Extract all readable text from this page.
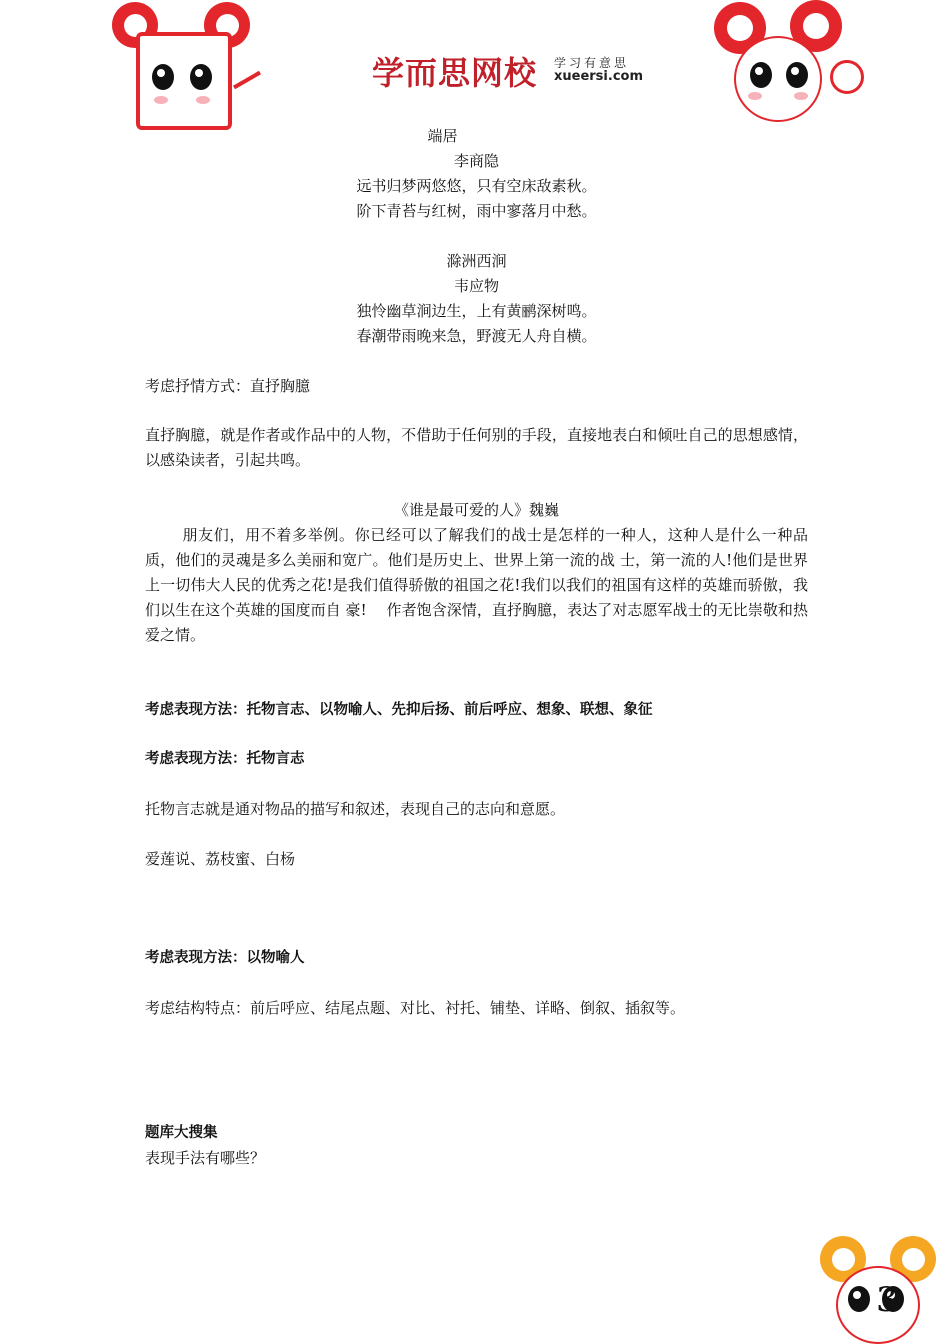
学而思网校 学习有意思
xueersi.com
端居
李商隐
远书归梦两悠悠，只有空床敌素秋。
阶下青苔与红树，雨中寥落月中愁。
滁洲西涧
韦应物
独怜幽草涧边生，上有黄鹂深树鸣。
春潮带雨晚来急，野渡无人舟自横。
考虑抒情方式：直抒胸臆
直抒胸臆，就是作者或作品中的人物，不借助于任何别的手段，直接地表白和倾吐自己的思想感情，以感染读者，引起共鸣。
《谁是最可爱的人》魏巍
朋友们，用不着多举例。你已经可以了解我们的战士是怎样的一种人，这种人是什么一种品质，他们的灵魂是多么美丽和宽广。他们是历史上、世界上第一流的战 士，第一流的人!他们是世界上一切伟大人民的优秀之花!是我们值得骄傲的祖国之花!我们以我们的祖国有这样的英雄而骄傲，我们以生在这个英雄的国度而自 豪!　 作者饱含深情，直抒胸臆，表达了对志愿军战士的无比崇敬和热爱之情。
考虑表现方法：托物言志、以物喻人、先抑后扬、前后呼应、想象、联想、象征
考虑表现方法：托物言志
托物言志就是通对物品的描写和叙述，表现自己的志向和意愿。
爱莲说、荔枝蜜、白杨
考虑表现方法：以物喻人
考虑结构特点：前后呼应、结尾点题、对比、衬托、铺垫、详略、倒叙、插叙等。
题库大搜集
表现手法有哪些？
3
